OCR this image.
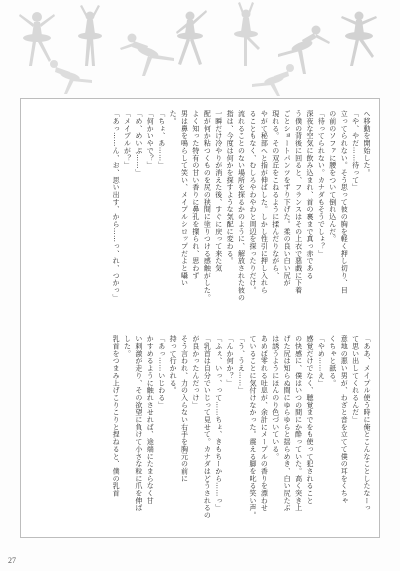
へ移動を開始した。
「や、やだ……待って」
立ってられない。そう思って彼の胸を軽く押し切り、目
の前のソファに腰をついて倒れ込んだ。
「待ってられない。カナダもそうでしょ？」
深夜な空気に飲み込まれ、首の裏まで真っ赤である
う僕の背後に回ると、フランスはその上衣で悪戯に下着
ごとショートパンツをずり下げた。柔の良い白い尻が
現れる。その双丘をこねるように揉んだりながら、
やがて秘部へと指が伸ばした。しかし性引に押し入れら
ることもなく、むしろやわやわと周辺を探ったりだけ。
流れることのない場所を探るかのように、解放された彼の
指は、今度は何かを探すような気配に変わる。
一瞬だけ冷やりが消えた後、すぐに戻って来た気
配が何か粘つくものを尻の狭間に塗りつける感触がした。
よく知った特有の甘い香りに鼻孔を擽られ、思わず
男は鼻を鳴らして笑い、メイプルシロップだよと囁い
た。
「ちょ、あ……」
「何かいやで？」
「め、めいぷ……」
「メイプルが？」
「あっ……ん、お、思い出す、から……っ、れ、つかっ」
「ああ、メイプル使う時に俺とこんなことしたなーっ
て思い出してくれるんだ」
意地の悪い男が、わざと音を立てて僕の耳をくちゃ
くちゃと舐る。
「やめ……え」
感覚だけでなく、聴覚までをも使って犯されること
の快感に、僕はいつの間にか酔っていた。高く突き上
げた尻は知らぬ間にゆらゆらと揺らめき、白い尻たぶ
は誘うようにほんのり色づいている。
あめば零れる吐息が、余計にメープルの香りを漂わせ
ていることに気付けなかった。震える脚を叱る笑い声。
「う、うえ……」
「んか何か？」
「ふぇ、いっ、って……ちょ、きもちーから……っ」
「乳首は自分でいじって見せて。カナダはどうされるの
が良かったんだっけ」
そう言われ、力の入らない右手を胸元の前に
持って行かれる。
「あっ……いじわる」
かすめるように触れさせれば、途端にたまらなく甘
い刺激が走り、その欲望に負けて小さな粒に爪を伸ば
した。
乳首をつまみ上げこりこりと捏ねると、僕の乳首
27
